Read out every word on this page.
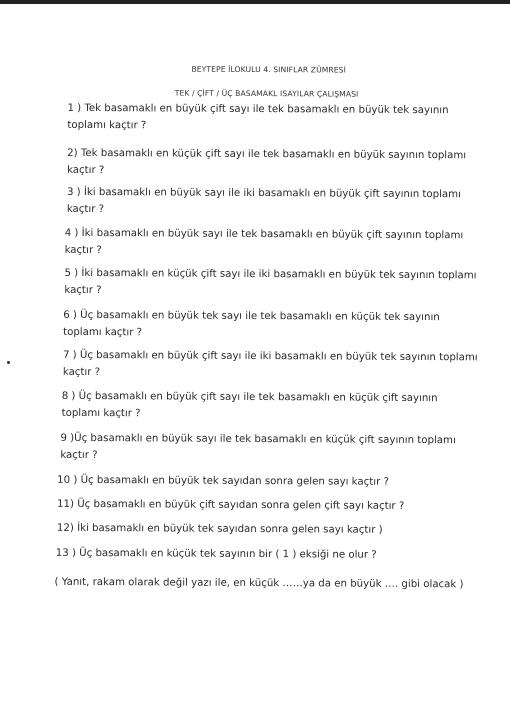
BEYTEPE İLOKULU 4. SINIFLAR ZÜMRESİ
TEK / ÇİFT / ÜÇ BASAMAKL ISAYILAR ÇALIŞMASI
1 ) Tek basamaklı en büyük çift sayı ile tek basamaklı en büyük tek sayının
toplamı kaçtır ?
2) Tek basamaklı en küçük çift sayı ile tek basamaklı en büyük sayının toplamı
kaçtır ?
3 ) İki basamaklı en büyük sayı ile iki basamaklı en büyük çift sayının toplamı
kaçtır ?
4 ) İki basamaklı en büyük sayı ile tek basamaklı en büyük çift sayının toplamı
kaçtır ?
5 ) İki basamaklı en küçük çift sayı ile iki basamaklı en büyük tek sayının toplamı
kaçtır ?
6 ) Üç basamaklı en büyük tek sayı ile tek basamaklı en küçük tek sayının
toplamı kaçtır ?
7 ) Üç basamaklı en büyük çift sayı ile iki basamaklı en büyük tek sayının toplamı
kaçtır ?
8 ) Üç basamaklı en büyük çift sayı ile tek basamaklı en küçük çift sayının
toplamı kaçtır ?
9 )Üç basamaklı en büyük sayı ile tek basamaklı en küçük çift sayının toplamı
kaçtır ?
10 ) Üç basamaklı en büyük tek sayıdan sonra gelen sayı kaçtır ?
11) Üç basamaklı en büyük çift sayıdan sonra gelen çift sayı kaçtır ?
12) İki basamaklı en büyük tek sayıdan sonra gelen sayı kaçtır )
13 ) Üç basamaklı en küçük tek sayının bir ( 1 ) eksiği ne olur ?
( Yanıt, rakam olarak değil yazı ile, en küçük ……ya da en büyük …. gibi olacak )
